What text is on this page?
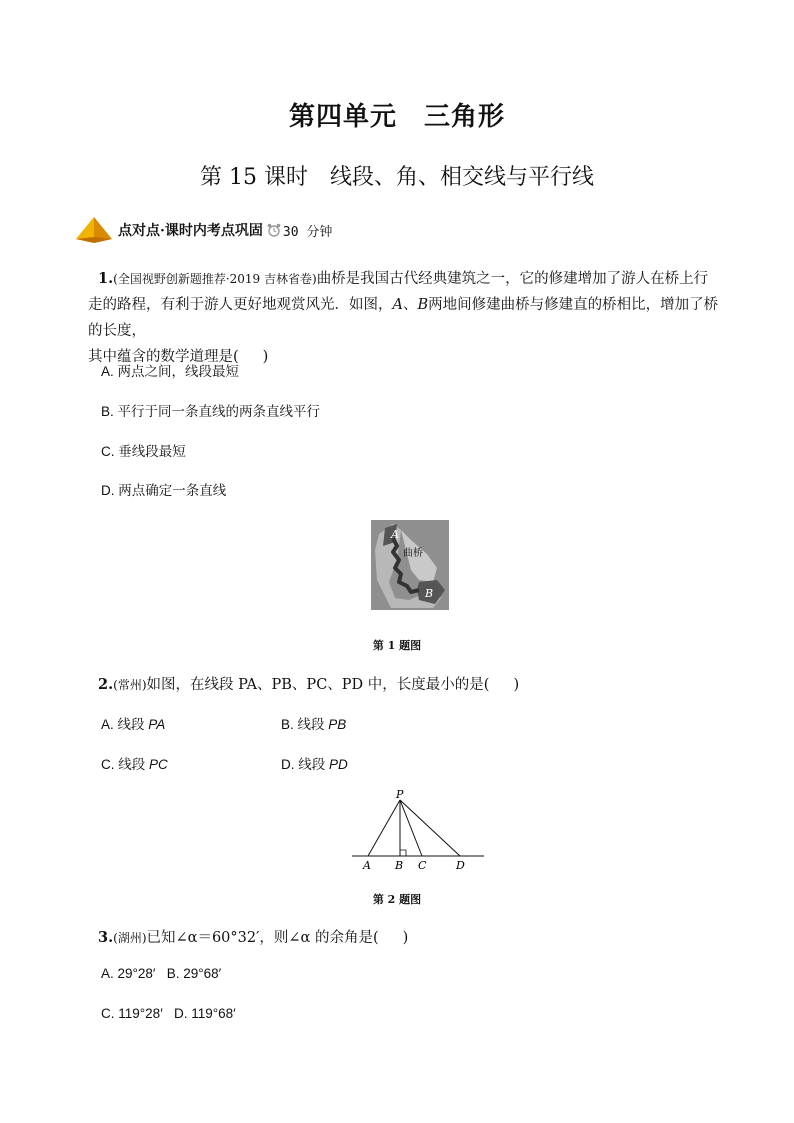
第四单元　三角形
第 15 课时　线段、角、相交线与平行线
点对点·课时内考点巩固 30 分钟
1.(全国视野创新题推荐·2019 吉林省卷)曲桥是我国古代经典建筑之一，它的修建增加了游人在桥上行
走的路程，有利于游人更好地观赏风光．如图，A、B两地间修建曲桥与修建直的桥相比，增加了桥的长度，
其中蕴含的数学道理是( )
A. 两点之间，线段最短
B. 平行于同一条直线的两条直线平行
C. 垂线段最短
D. 两点确定一条直线
A
曲桥
B
第 1 题图
2.(常州)如图，在线段 PA、PB、PC、PD 中，长度最小的是( )
A. 线段 PA	B. 线段 PB
C. 线段 PC	D. 线段 PD
P
A B C	D
第 2 题图
3.(湖州)已知∠α＝60°32′，则∠α 的余角是( )
A. 29°28′   B. 29°68′
C. 119°28′   D. 119°68′
